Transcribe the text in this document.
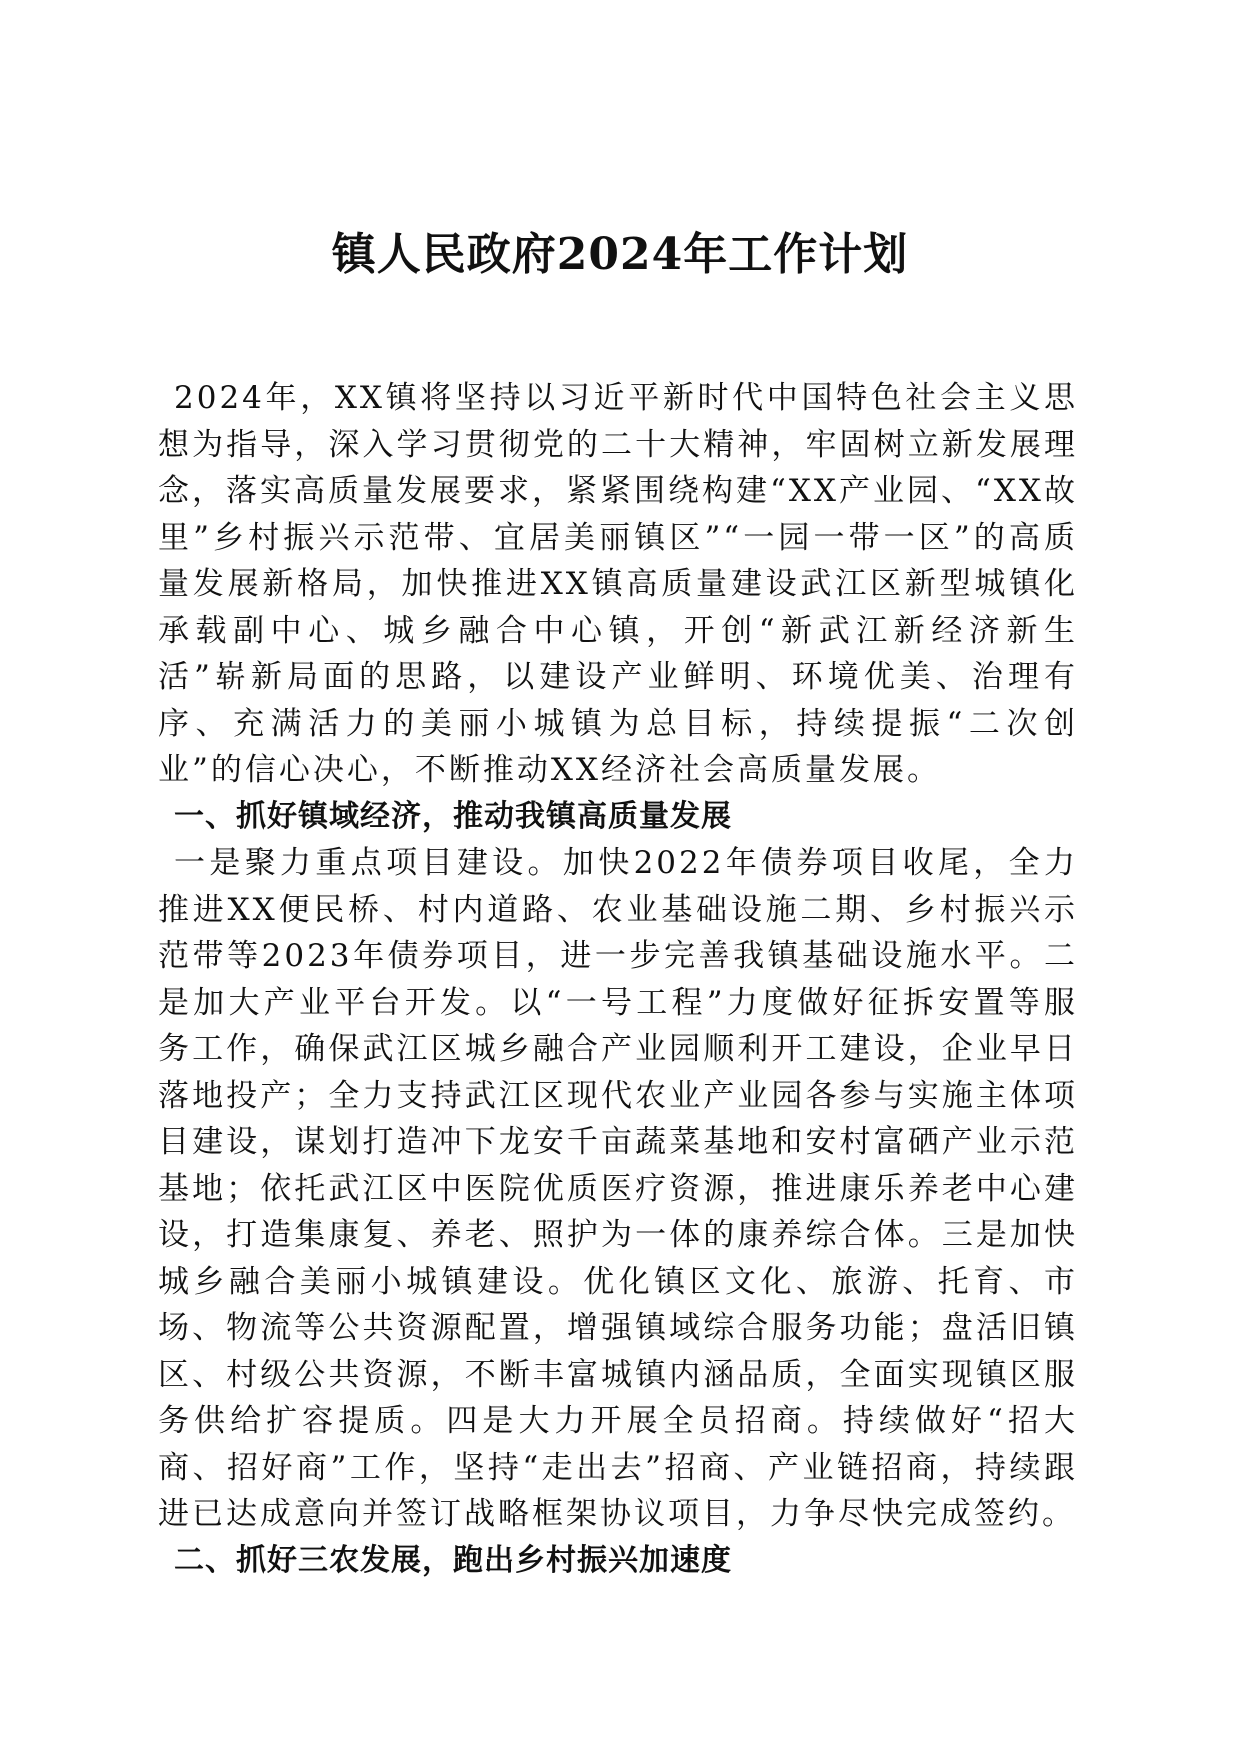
镇人民政府2024年工作计划

2024年，XX镇将坚持以习近平新时代中国特色社会主义思想为指导，深入学习贯彻党的二十大精神，牢固树立新发展理念，落实高质量发展要求，紧紧围绕构建“XX产业园、“XX故里”乡村振兴示范带、宜居美丽镇区”“一园一带一区”的高质量发展新格局，加快推进XX镇高质量建设武江区新型城镇化承载副中心、城乡融合中心镇，开创“新武江新经济新生活”崭新局面的思路，以建设产业鲜明、环境优美、治理有序、充满活力的美丽小城镇为总目标，持续提振“二次创业”的信心决心，不断推动XX经济社会高质量发展。

一、抓好镇域经济，推动我镇高质量发展

一是聚力重点项目建设。加快2022年债券项目收尾，全力推进XX便民桥、村内道路、农业基础设施二期、乡村振兴示范带等2023年债券项目，进一步完善我镇基础设施水平。二是加大产业平台开发。以“一号工程”力度做好征拆安置等服务工作，确保武江区城乡融合产业园顺利开工建设，企业早日落地投产；全力支持武江区现代农业产业园各参与实施主体项目建设，谋划打造冲下龙安千亩蔬菜基地和安村富硒产业示范基地；依托武江区中医院优质医疗资源，推进康乐养老中心建设，打造集康复、养老、照护为一体的康养综合体。三是加快城乡融合美丽小城镇建设。优化镇区文化、旅游、托育、市场、物流等公共资源配置，增强镇域综合服务功能；盘活旧镇区、村级公共资源，不断丰富城镇内涵品质，全面实现镇区服务供给扩容提质。四是大力开展全员招商。持续做好“招大商、招好商”工作，坚持“走出去”招商、产业链招商，持续跟进已达成意向并签订战略框架协议项目，力争尽快完成签约。

二、抓好三农发展，跑出乡村振兴加速度
